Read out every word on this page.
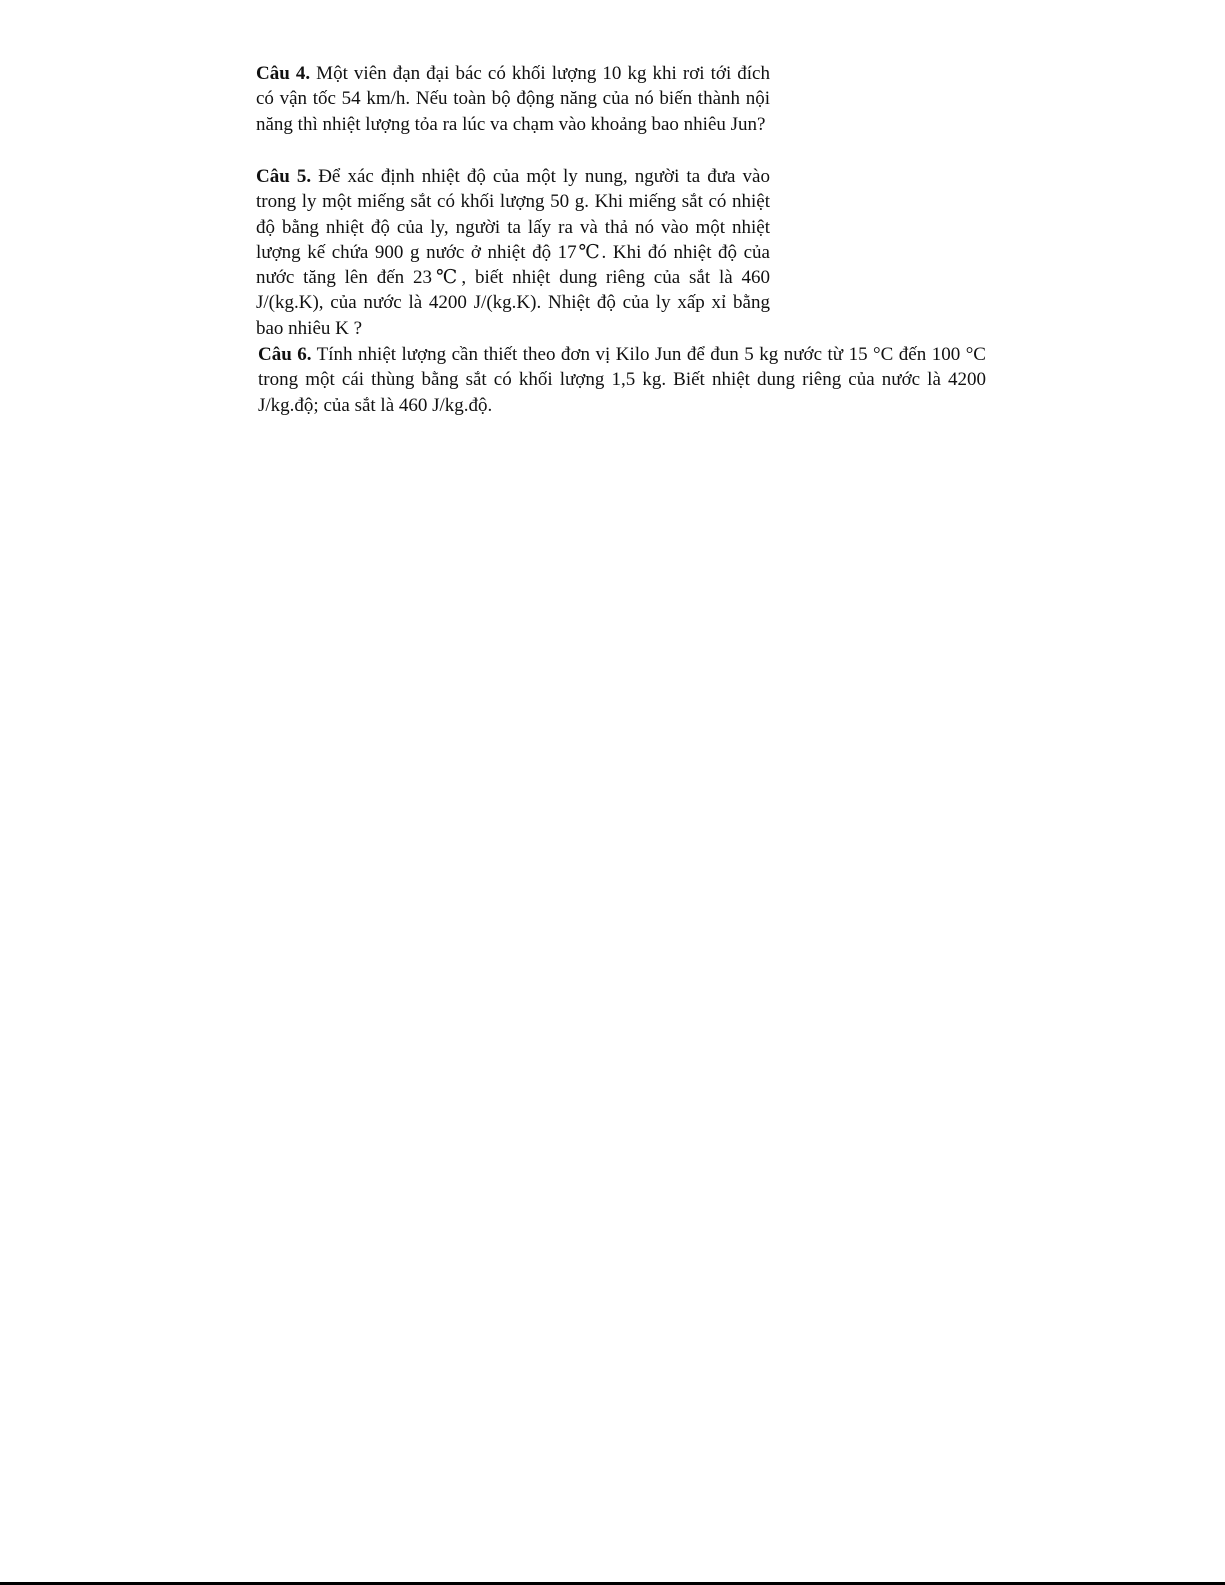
Câu 4. Một viên đạn đại bác có khối lượng 10 kg khi rơi tới đích có vận tốc 54 km/h. Nếu toàn bộ động năng của nó biến thành nội năng thì nhiệt lượng tỏa ra lúc va chạm vào khoảng bao nhiêu Jun?
Câu 5. Để xác định nhiệt độ của một ly nung, người ta đưa vào trong ly một miếng sắt có khối lượng 50 g. Khi miếng sắt có nhiệt độ bằng nhiệt độ của ly, người ta lấy ra và thả nó vào một nhiệt lượng kế chứa 900 g nước ở nhiệt độ 17℃. Khi đó nhiệt độ của nước tăng lên đến 23℃, biết nhiệt dung riêng của sắt là 460 J/(kg.K), của nước là 4200 J/(kg.K). Nhiệt độ của ly xấp xỉ bằng bao nhiêu K ?
Câu 6. Tính nhiệt lượng cần thiết theo đơn vị Kilo Jun để đun 5 kg nước từ 15 °C đến 100 °C trong một cái thùng bằng sắt có khối lượng 1,5 kg. Biết nhiệt dung riêng của nước là 4200 J/kg.độ; của sắt là 460 J/kg.độ.
